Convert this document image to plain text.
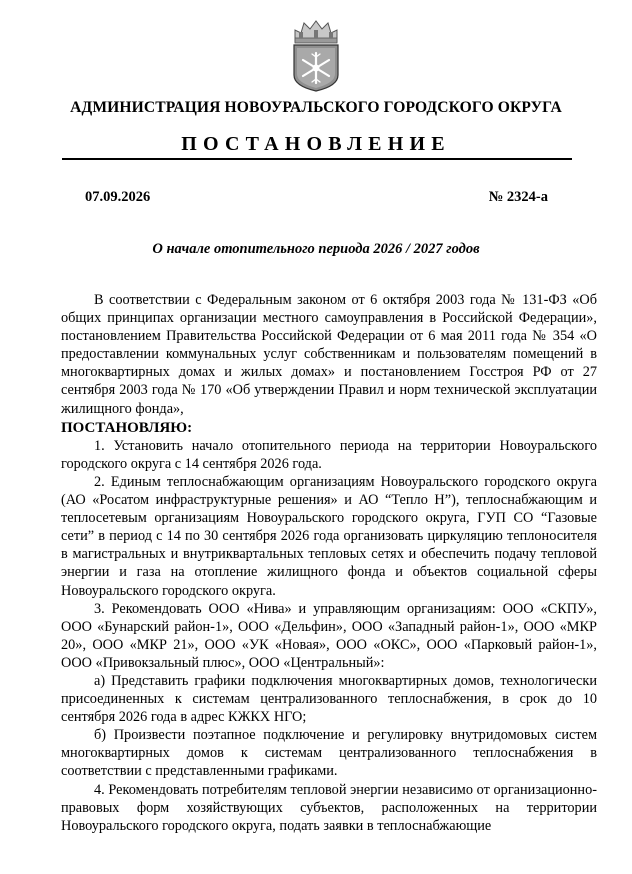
АДМИНИСТРАЦИЯ НОВОУРАЛЬСКОГО ГОРОДСКОГО ОКРУГА
ПОСТАНОВЛЕНИЕ
07.09.2026	№ 2324-а
О начале отопительного периода 2026 / 2027 годов

В соответствии с Федеральным законом от 6 октября 2003 года № 131-ФЗ «Об общих принципах организации местного самоуправления в Российской Федерации», постановлением Правительства Российской Федерации от 6 мая 2011 года № 354 «О предоставлении коммунальных услуг собственникам и пользователям помещений в многоквартирных домах и жилых домах» и постановлением Госстроя РФ от 27 сентября 2003 года № 170 «Об утверждении Правил и норм технической эксплуатации жилищного фонда»,

ПОСТАНОВЛЯЮ:

1. Установить начало отопительного периода на территории Новоуральского городского округа с 14 сентября 2026 года.

2. Единым теплоснабжающим организациям Новоуральского городского округа (АО «Росатом инфраструктурные решения» и АО “Тепло Н”), теплоснабжающим и теплосетевым организациям Новоуральского городского округа, ГУП СО “Газовые сети” в период с 14 по 30 сентября 2026 года организовать циркуляцию теплоносителя в магистральных и внутриквартальных тепловых сетях и обеспечить подачу тепловой энергии и газа на отопление жилищного фонда и объектов социальной сферы Новоуральского городского округа.

3. Рекомендовать ООО «Нива» и управляющим организациям: ООО «СКПУ», ООО «Бунарский район-1», ООО «Дельфин», ООО «Западный район-1», ООО «МКР 20», ООО «МКР 21», ООО «УК «Новая», ООО «ОКС», ООО «Парковый район-1», ООО «Привокзальный плюс», ООО «Центральный»:

а) Представить графики подключения многоквартирных домов, технологически присоединенных к системам централизованного теплоснабжения, в срок до 10 сентября 2026 года в адрес КЖКХ НГО;

б) Произвести поэтапное подключение и регулировку внутридомовых систем многоквартирных домов к системам централизованного теплоснабжения в соответствии с представленными графиками.

4. Рекомендовать потребителям тепловой энергии независимо от организационно-правовых форм хозяйствующих субъектов, расположенных на территории Новоуральского городского округа, подать заявки в теплоснабжающие
